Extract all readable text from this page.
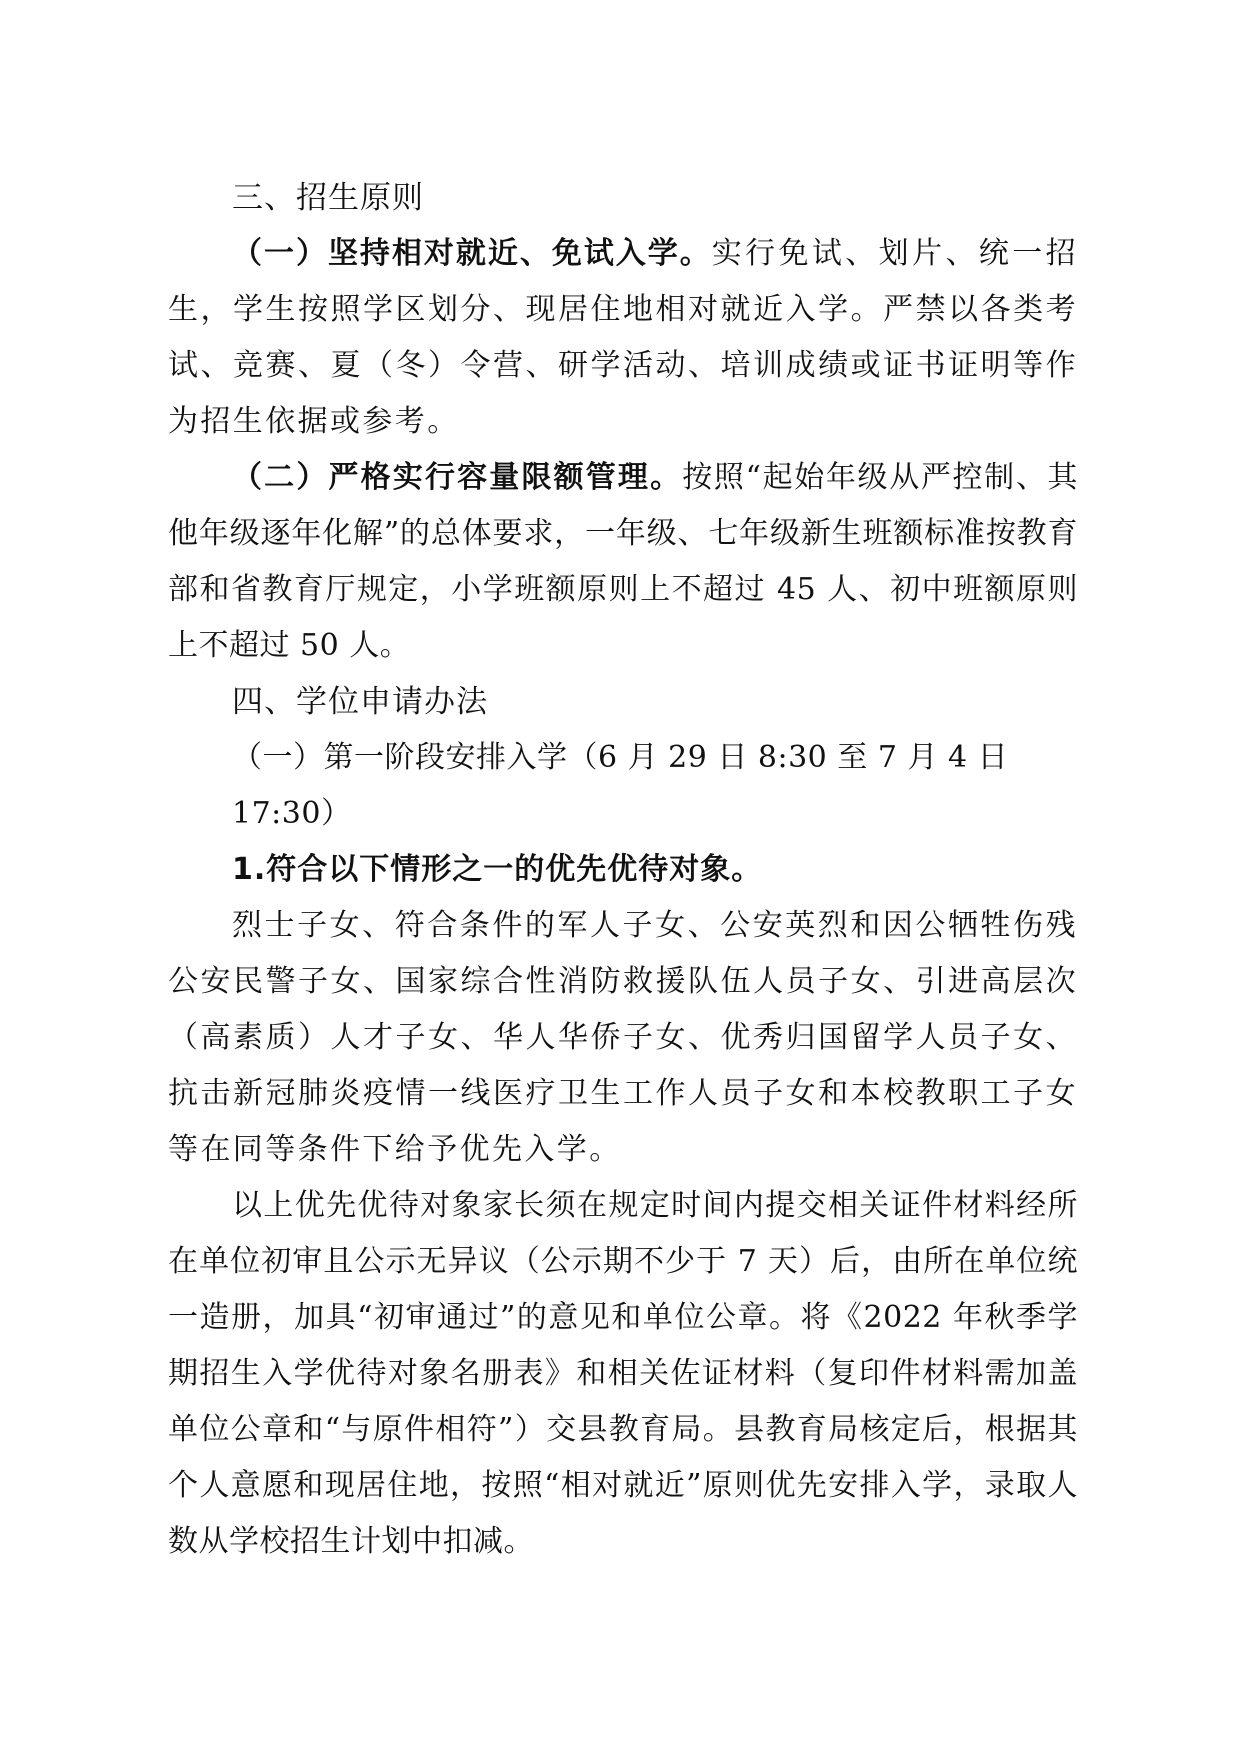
三、招生原则

（一）坚持相对就近、免试入学。实行免试、划片、统一招生，学生按照学区划分、现居住地相对就近入学。严禁以各类考试、竞赛、夏（冬）令营、研学活动、培训成绩或证书证明等作为招生依据或参考。

（二）严格实行容量限额管理。按照“起始年级从严控制、其他年级逐年化解”的总体要求，一年级、七年级新生班额标准按教育部和省教育厅规定，小学班额原则上不超过 45 人、初中班额原则上不超过 50 人。

四、学位申请办法

（一）第一阶段安排入学（6 月 29 日 8:30 至 7 月 4 日 17:30）

1.符合以下情形之一的优先优待对象。

烈士子女、符合条件的军人子女、公安英烈和因公牺牲伤残公安民警子女、国家综合性消防救援队伍人员子女、引进高层次（高素质）人才子女、华人华侨子女、优秀归国留学人员子女、抗击新冠肺炎疫情一线医疗卫生工作人员子女和本校教职工子女等在同等条件下给予优先入学。

以上优先优待对象家长须在规定时间内提交相关证件材料经所在单位初审且公示无异议（公示期不少于 7 天）后，由所在单位统一造册，加具“初审通过”的意见和单位公章。将《2022 年秋季学期招生入学优待对象名册表》和相关佐证材料（复印件材料需加盖单位公章和“与原件相符”）交县教育局。县教育局核定后，根据其个人意愿和现居住地，按照“相对就近”原则优先安排入学，录取人数从学校招生计划中扣减。
